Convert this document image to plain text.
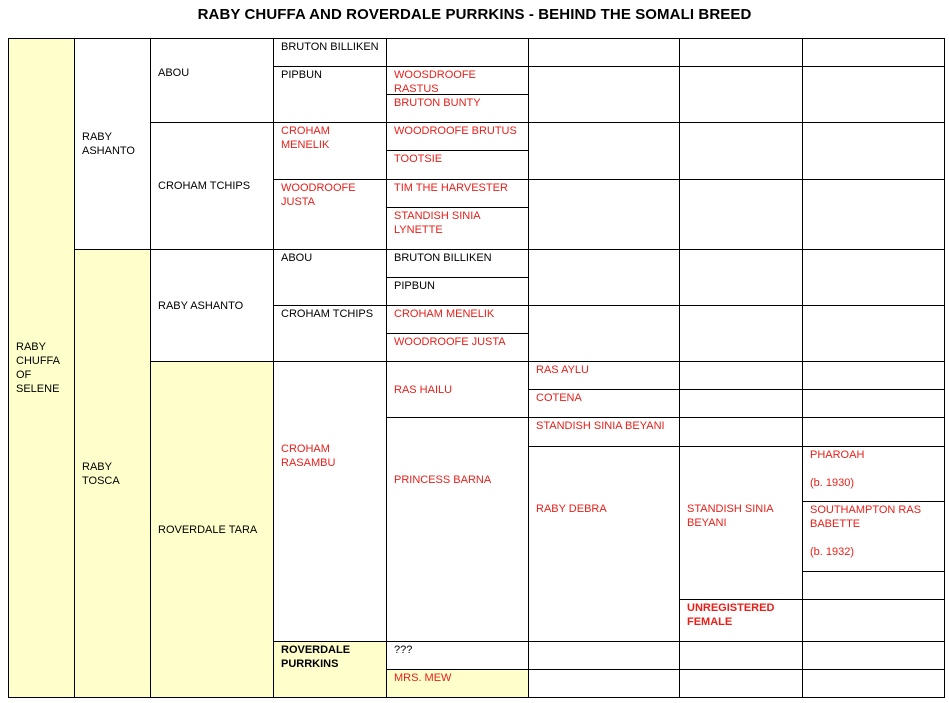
RABY CHUFFA AND ROVERDALE PURRKINS - BEHIND THE SOMALI BREED
RABY
CHUFFA
OF
SELENE
RABY
ASHANTO
RABY
TOSCA
ABOU
CROHAM TCHIPS
RABY ASHANTO
ROVERDALE TARA
BRUTON BILLIKEN
PIPBUN
CROHAM MENELIK
WOODROOFE
JUSTA
ABOU
CROHAM TCHIPS
CROHAM
RASAMBU
ROVERDALE
PURRKINS
WOOSDROOFE RASTUS
BRUTON BUNTY
WOODROOFE BRUTUS
TOOTSIE
TIM THE HARVESTER
STANDISH SINIA
LYNETTE
BRUTON BILLIKEN
PIPBUN
CROHAM MENELIK
WOODROOFE JUSTA
RAS HAILU
PRINCESS BARNA
???
MRS. MEW
RAS AYLU
COTENA
STANDISH SINIA BEYANI
RABY DEBRA	STANDISH SINIA
BEYANI
UNREGISTERED
FEMALE
PHAROAH

(b. 1930)
SOUTHAMPTON RAS
BABETTE

(b. 1932)
